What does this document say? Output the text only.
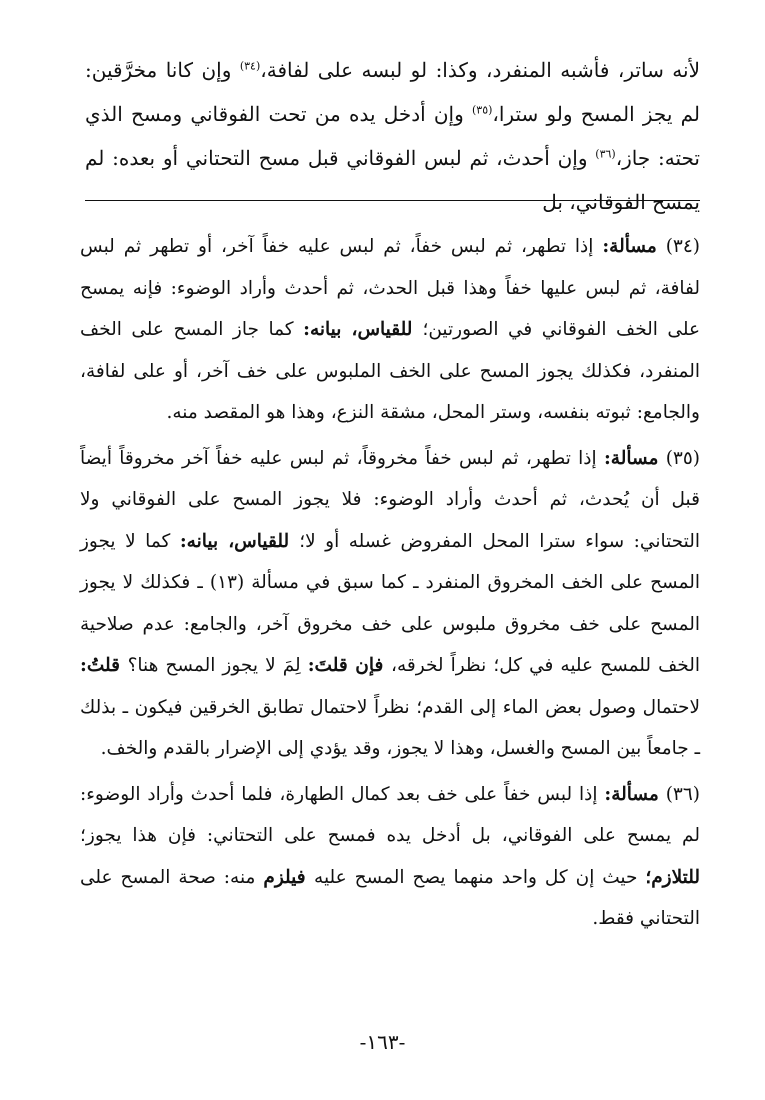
لأنه ساتر، فأشبه المنفرد، وكذا: لو لبسه على لفافة،$^{(٣٤)}$ وإن كانا مخرَّقين: لم يجز المسح ولو سترا،$^{(٣٥)}$ وإن أدخل يده من تحت الفوقاني ومسح الذي تحته: جاز،$^{(٣٦)}$ وإن أحدث، ثم لبس الفوقاني قبل مسح التحتاني أو بعده: لم يمسح الفوقاني، بل

(٣٤) مسألة: إذا تطهر، ثم لبس خفاً، ثم لبس عليه خفاً آخر، أو تطهر ثم لبس لفافة، ثم لبس عليها خفاً وهذا قبل الحدث، ثم أحدث وأراد الوضوء: فإنه يمسح على الخف الفوقاني في الصورتين؛ للقياس، بيانه: كما جاز المسح على الخف المنفرد، فكذلك يجوز المسح على الخف الملبوس على خف آخر، أو على لفافة، والجامع: ثبوته بنفسه، وستر المحل، مشقة النزع، وهذا هو المقصد منه.

(٣٥) مسألة: إذا تطهر، ثم لبس خفاً مخروقاً، ثم لبس عليه خفاً آخر مخروقاً أيضاً قبل أن يُحدث، ثم أحدث وأراد الوضوء: فلا يجوز المسح على الفوقاني ولا التحتاني: سواء سترا المحل المفروض غسله أو لا؛ للقياس، بيانه: كما لا يجوز المسح على الخف المخروق المنفرد ـ كما سبق في مسألة (١٣) ـ فكذلك لا يجوز المسح على خف مخروق ملبوس على خف مخروق آخر، والجامع: عدم صلاحية الخف للمسح عليه في كل؛ نظراً لخرقه، فإن قلتَ: لِمَ لا يجوز المسح هنا؟ قلتُ: لاحتمال وصول بعض الماء إلى القدم؛ نظراً لاحتمال تطابق الخرقين فيكون ـ بذلك ـ جامعاً بين المسح والغسل، وهذا لا يجوز، وقد يؤدي إلى الإضرار بالقدم والخف.

(٣٦) مسألة: إذا لبس خفاً على خف بعد كمال الطهارة، فلما أحدث وأراد الوضوء: لم يمسح على الفوقاني، بل أدخل يده فمسح على التحتاني: فإن هذا يجوز؛ للتلازم؛ حيث إن كل واحد منهما يصح المسح عليه فيلزم منه: صحة المسح على التحتاني فقط.

-١٦٣-
